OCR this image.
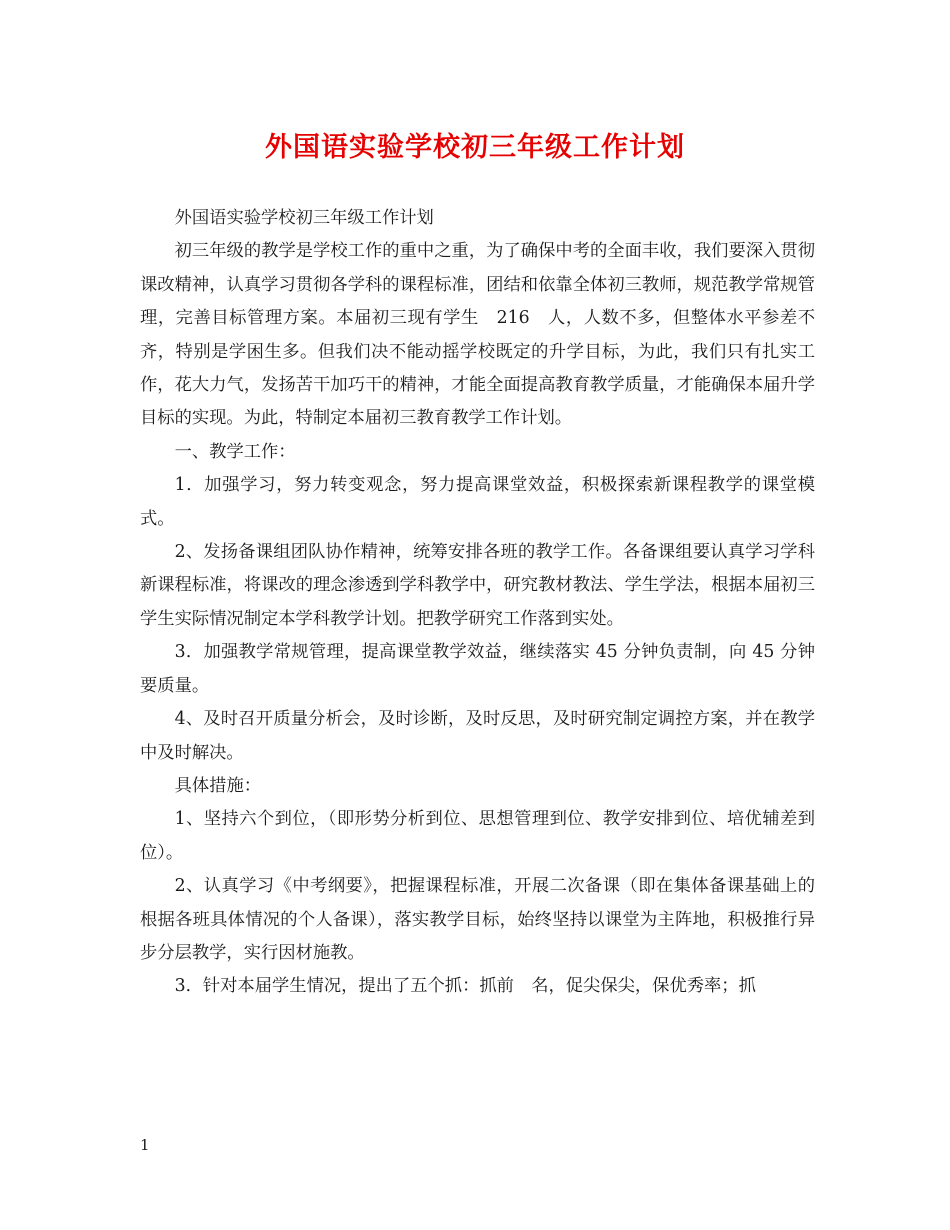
外国语实验学校初三年级工作计划

外国语实验学校初三年级工作计划

初三年级的教学是学校工作的重中之重，为了确保中考的全面丰收，我们要深入贯彻课改精神，认真学习贯彻各学科的课程标准，团结和依靠全体初三教师，规范教学常规管理，完善目标管理方案。本届初三现有学生　216　人，人数不多，但整体水平参差不齐，特别是学困生多。但我们决不能动摇学校既定的升学目标，为此，我们只有扎实工作，花大力气，发扬苦干加巧干的精神，才能全面提高教育教学质量，才能确保本届升学目标的实现。为此，特制定本届初三教育教学工作计划。

一、教学工作：

1．加强学习，努力转变观念，努力提高课堂效益，积极探索新课程教学的课堂模式。

2、发扬备课组团队协作精神，统筹安排各班的教学工作。各备课组要认真学习学科新课程标准，将课改的理念渗透到学科教学中，研究教材教法、学生学法，根据本届初三学生实际情况制定本学科教学计划。把教学研究工作落到实处。

3．加强教学常规管理，提高课堂教学效益，继续落实 45 分钟负责制，向 45 分钟要质量。

4、及时召开质量分析会，及时诊断，及时反思，及时研究制定调控方案，并在教学中及时解决。

具体措施：

1、坚持六个到位，（即形势分析到位、思想管理到位、教学安排到位、培优辅差到位）。

2、认真学习《中考纲要》，把握课程标准，开展二次备课（即在集体备课基础上的根据各班具体情况的个人备课），落实教学目标，始终坚持以课堂为主阵地，积极推行异步分层教学，实行因材施教。

3．针对本届学生情况，提出了五个抓：抓前　名，促尖保尖，保优秀率；抓

1
